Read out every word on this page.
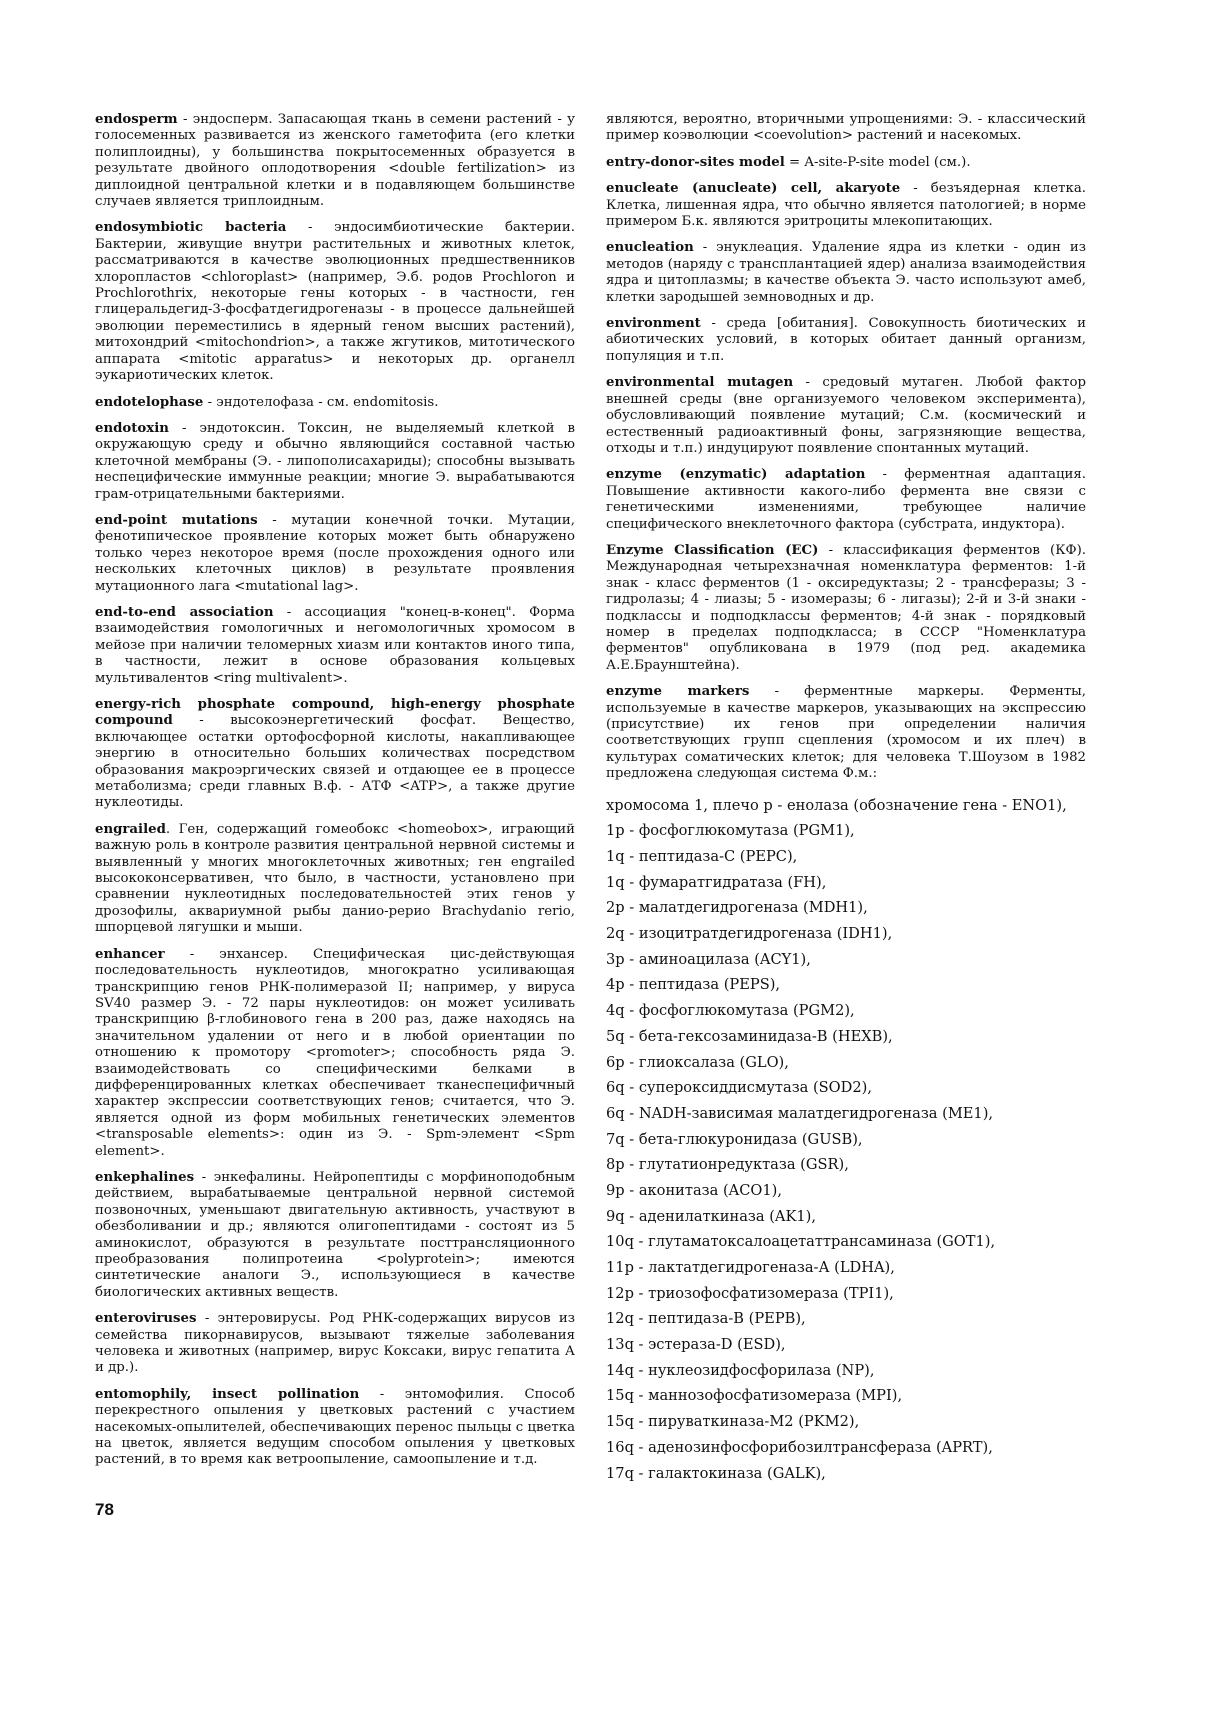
endosperm - эндосперм. Запасающая ткань в семени растений - у голосеменных развивается из женского гаметофита (его клетки полиплоидны), у большинства покрытосеменных образуется в результате двойного оплодотворения <double fertilization> из диплоидной центральной клетки и в подавляющем большинстве случаев является триплоидным.
endosymbiotic bacteria - эндосимбиотические бактерии. Бактерии, живущие внутри растительных и животных клеток, рассматриваются в качестве эволюционных предшественников хлоропластов <chloroplast> (например, Э.б. родов Prochloron и Prochlorothrix, некоторые гены которых - в частности, ген глицеральдегид-3-фосфатдегидрогеназы - в процессе дальнейшей эволюции переместились в ядерный геном высших растений), митохондрий <mitochondrion>, а также жгутиков, митотического аппарата <mitotic apparatus> и некоторых др. органелл эукариотических клеток.
endotelophase - эндотелофаза - см. endomitosis.
endotoxin - эндотоксин. Токсин, не выделяемый клеткой в окружающую среду и обычно являющийся составной частью клеточной мембраны (Э. - липополисахариды); способны вызывать неспецифические иммунные реакции; многие Э. вырабатываются грам-отрицательными бактериями.
end-point mutations - мутации конечной точки. Мутации, фенотипическое проявление которых может быть обнаружено только через некоторое время (после прохождения одного или нескольких клеточных циклов) в результате проявления мутационного лага <mutational lag>.
end-to-end association - ассоциация "конец-в-конец". Форма взаимодействия гомологичных и негомологичных хромосом в мейозе при наличии теломерных хиазм или контактов иного типа, в частности, лежит в основе образования кольцевых мультивалентов <ring multivalent>.
energy-rich phosphate compound, high-energy phosphate compound - высокоэнергетический фосфат. Вещество, включающее остатки ортофосфорной кислоты, накапливающее энергию в относительно больших количествах посредством образования макроэргических связей и отдающее ее в процессе метаболизма; среди главных В.ф. - АТФ <ATP>, а также другие нуклеотиды.
engrailed. Ген, содержащий гомеобокс <homeobox>, играющий важную роль в контроле развития центральной нервной системы и выявленный у многих многоклеточных животных; ген engrailed высококонсервативен, что было, в частности, установлено при сравнении нуклеотидных последовательностей этих генов у дрозофилы, аквариумной рыбы данио-рерио Brachydanio rerio, шпорцевой лягушки и мыши.
enhancer - энхансер. Специфическая цис-действующая последовательность нуклеотидов, многократно усиливающая транскрипцию генов РНК-полимеразой II; например, у вируса SV40 размер Э. - 72 пары нуклеотидов: он может усиливать транскрипцию β-глобинового гена в 200 раз, даже находясь на значительном удалении от него и в любой ориентации по отношению к промотору <promoter>; способность ряда Э. взаимодействовать со специфическими белками в дифференцированных клетках обеспечивает тканеспецифичный характер экспрессии соответствующих генов; считается, что Э. является одной из форм мобильных генетических элементов <transposable elements>: один из Э. - Spm-элемент <Spm element>.
enkephalines - энкефалины. Нейропептиды с морфиноподобным действием, вырабатываемые центральной нервной системой позвоночных, уменьшают двигательную активность, участвуют в обезболивании и др.; являются олигопептидами - состоят из 5 аминокислот, образуются в результате посттрансляционного преобразования полипротеина <polyprotein>; имеются синтетические аналоги Э., использующиеся в качестве биологических активных веществ.
enteroviruses - энтеровирусы. Род РНК-содержащих вирусов из семейства пикорнавирусов, вызывают тяжелые заболевания человека и животных (например, вирус Коксаки, вирус гепатита А и др.).
entomophily, insect pollination - энтомофилия. Способ перекрестного опыления у цветковых растений с участием насекомых-опылителей, обеспечивающих перенос пыльцы с цветка на цветок, является ведущим способом опыления у цветковых растений, в то время как ветроопыление, самоопыление и т.д.
являются, вероятно, вторичными упрощениями: Э. - классический пример коэволюции <coevolution> растений и насекомых.
entry-donor-sites model = A-site-P-site model (см.).
enucleate (anucleate) cell, akaryote - безъядерная клетка. Клетка, лишенная ядра, что обычно является патологией; в норме примером Б.к. являются эритроциты млекопитающих.
enucleation - энуклеация. Удаление ядра из клетки - один из методов (наряду с трансплантацией ядер) анализа взаимодействия ядра и цитоплазмы; в качестве объекта Э. часто используют амеб, клетки зародышей земноводных и др.
environment - среда [обитания]. Совокупность биотических и абиотических условий, в которых обитает данный организм, популяция и т.п.
environmental mutagen - средовый мутаген. Любой фактор внешней среды (вне организуемого человеком эксперимента), обусловливающий появление мутаций; С.м. (космический и естественный радиоактивный фоны, загрязняющие вещества, отходы и т.п.) индуцируют появление спонтанных мутаций.
enzyme (enzymatic) adaptation - ферментная адаптация. Повышение активности какого-либо фермента вне связи с генетическими изменениями, требующее наличие специфического внеклеточного фактора (субстрата, индуктора).
Enzyme Classification (EC) - классификация ферментов (КФ). Международная четырехзначная номенклатура ферментов: 1-й знак - класс ферментов (1 - оксиредуктазы; 2 - трансферазы; 3 - гидролазы; 4 - лиазы; 5 - изомеразы; 6 - лигазы); 2-й и 3-й знаки - подклассы и подподклассы ферментов; 4-й знак - порядковый номер в пределах подподкласса; в СССР "Номенклатура ферментов" опубликована в 1979 (под ред. академика А.Е.Браунштейна).
enzyme markers - ферментные маркеры. Ферменты, используемые в качестве маркеров, указывающих на экспрессию (присутствие) их генов при определении наличия соответствующих групп сцепления (хромосом и их плеч) в культурах соматических клеток; для человека Т.Шоузом в 1982 предложена следующая система Ф.м.:
хромосома 1, плечо р - енолаза (обозначение гена - ENO1),
1p - фосфоглюкомутаза (PGM1),
1q - пептидаза-С (PEPC),
1q - фумаратгидратаза (FH),
2p - малатдегидрогеназа (MDH1),
2q - изоцитратдегидрогеназа (IDH1),
3p - аминоацилаза (ACY1),
4p - пептидаза (PEPS),
4q - фосфоглюкомутаза (PGM2),
5q - бета-гексозаминидаза-В (HEXB),
6p - глиоксалаза (GLO),
6q - супероксиддисмутаза (SOD2),
6q - NADH-зависимая малатдегидрогеназа (ME1),
7q - бета-глюкуронидаза (GUSB),
8p - глутатионредуктаза (GSR),
9p - аконитаза (ACO1),
9q - аденилаткиназа (AK1),
10q - глутаматоксалоацетаттрансаминаза (GOT1),
11p - лактатдегидрогеназа-А (LDHA),
12p - триозофосфатизомераза (TPI1),
12q - пептидаза-В (PEPB),
13q - эстераза-D (ESD),
14q - нуклеозидфосфорилаза (NP),
15q - маннозофосфатизомераза (MPI),
15q - пируваткиназа-М2 (PKM2),
16q - аденозинфосфорибозилтрансфераза (APRT),
17q - галактокиназа (GALK),
78
